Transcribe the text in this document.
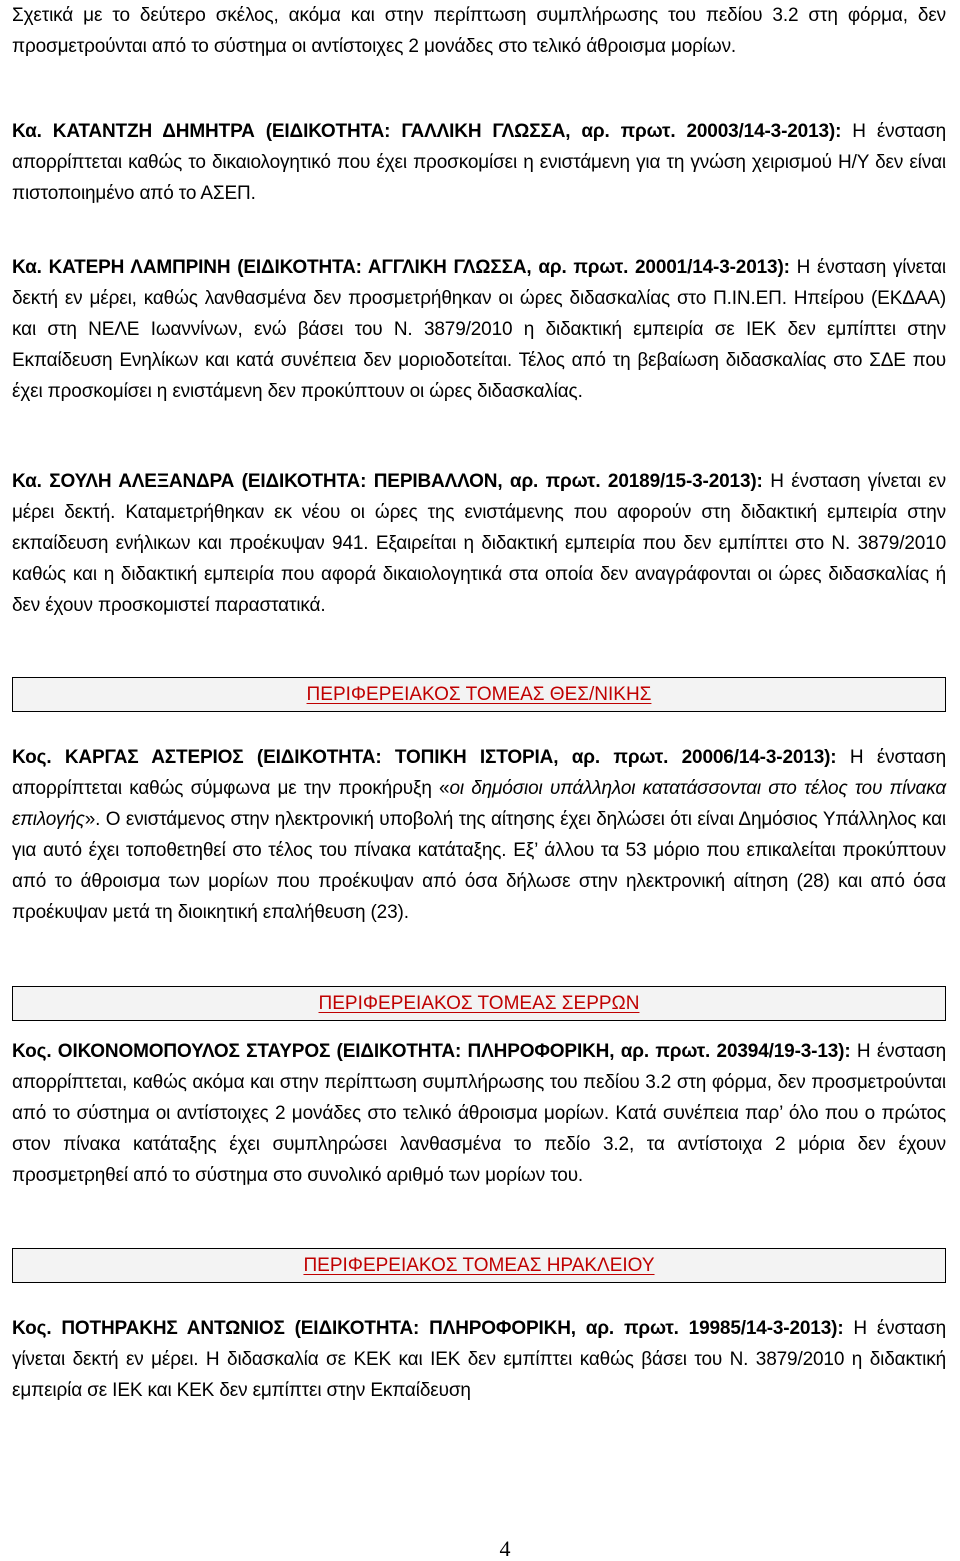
Σχετικά με το δεύτερο σκέλος, ακόμα και στην περίπτωση συμπλήρωσης του πεδίου 3.2 στη φόρμα, δεν προσμετρούνται από το σύστημα οι αντίστοιχες 2 μονάδες στο τελικό άθροισμα μορίων.

Κα. ΚΑΤΑΝΤΖΗ ΔΗΜΗΤΡΑ (ΕΙΔΙΚΟΤΗΤΑ: ΓΑΛΛΙΚΗ ΓΛΩΣΣΑ, αρ. πρωτ. 20003/14-3-2013): Η ένσταση απορρίπτεται καθώς το δικαιολογητικό που έχει προσκομίσει η ενιστάμενη για τη γνώση χειρισμού Η/Υ δεν είναι πιστοποιημένο από το ΑΣΕΠ.

Κα. ΚΑΤΕΡΗ ΛΑΜΠΡΙΝΗ (ΕΙΔΙΚΟΤΗΤΑ: ΑΓΓΛΙΚΗ ΓΛΩΣΣΑ, αρ. πρωτ. 20001/14-3-2013): Η ένσταση γίνεται δεκτή εν μέρει, καθώς λανθασμένα δεν προσμετρήθηκαν οι ώρες διδασκαλίας στο Π.ΙΝ.ΕΠ. Ηπείρου (ΕΚΔΑΑ) και στη ΝΕΛΕ Ιωαννίνων, ενώ βάσει του Ν. 3879/2010 η διδακτική εμπειρία σε ΙΕΚ δεν εμπίπτει στην Εκπαίδευση Ενηλίκων και κατά συνέπεια δεν μοριοδοτείται. Τέλος από τη βεβαίωση διδασκαλίας στο ΣΔΕ που έχει προσκομίσει η ενιστάμενη δεν προκύπτουν οι ώρες διδασκαλίας.

Κα. ΣΟΥΛΗ ΑΛΕΞΑΝΔΡΑ (ΕΙΔΙΚΟΤΗΤΑ: ΠΕΡΙΒΑΛΛΟΝ, αρ. πρωτ. 20189/15-3-2013): Η ένσταση γίνεται εν μέρει δεκτή. Καταμετρήθηκαν εκ νέου οι ώρες της ενιστάμενης που αφορούν στη διδακτική εμπειρία στην εκπαίδευση ενήλικων και προέκυψαν 941. Εξαιρείται η διδακτική εμπειρία που δεν εμπίπτει στο Ν. 3879/2010 καθώς και η διδακτική εμπειρία που αφορά δικαιολογητικά στα οποία δεν αναγράφονται οι ώρες διδασκαλίας ή δεν έχουν προσκομιστεί παραστατικά.

ΠΕΡΙΦΕΡΕΙΑΚΟΣ ΤΟΜΕΑΣ ΘΕΣ/ΝΙΚΗΣ

Κος. ΚΑΡΓΑΣ ΑΣΤΕΡΙΟΣ (ΕΙΔΙΚΟΤΗΤΑ: ΤΟΠΙΚΗ ΙΣΤΟΡΙΑ, αρ. πρωτ. 20006/14-3-2013): Η ένσταση απορρίπτεται καθώς σύμφωνα με την προκήρυξη «οι δημόσιοι υπάλληλοι κατατάσσονται στο τέλος του πίνακα επιλογής». Ο ενιστάμενος στην ηλεκτρονική υποβολή της αίτησης έχει δηλώσει ότι είναι Δημόσιος Υπάλληλος και για αυτό έχει τοποθετηθεί στο τέλος του πίνακα κατάταξης. Εξ’ άλλου τα 53 μόριο που επικαλείται προκύπτουν από το άθροισμα των μορίων που προέκυψαν από όσα δήλωσε στην ηλεκτρονική αίτηση (28) και από όσα προέκυψαν μετά τη διοικητική επαλήθευση (23).

ΠΕΡΙΦΕΡΕΙΑΚΟΣ ΤΟΜΕΑΣ ΣΕΡΡΩΝ

Κος. ΟΙΚΟΝΟΜΟΠΟΥΛΟΣ ΣΤΑΥΡΟΣ (ΕΙΔΙΚΟΤΗΤΑ: ΠΛΗΡΟΦΟΡΙΚΗ, αρ. πρωτ. 20394/19-3-13): Η ένσταση απορρίπτεται, καθώς ακόμα και στην περίπτωση συμπλήρωσης του πεδίου 3.2 στη φόρμα, δεν προσμετρούνται από το σύστημα οι αντίστοιχες 2 μονάδες στο τελικό άθροισμα μορίων. Κατά συνέπεια παρ’ όλο που ο πρώτος στον πίνακα κατάταξης έχει συμπληρώσει λανθασμένα το πεδίο 3.2, τα αντίστοιχα 2 μόρια δεν έχουν προσμετρηθεί από το σύστημα στο συνολικό αριθμό των μορίων του.

ΠΕΡΙΦΕΡΕΙΑΚΟΣ ΤΟΜΕΑΣ ΗΡΑΚΛΕΙΟΥ

Κος. ΠΟΤΗΡΑΚΗΣ ΑΝΤΩΝΙΟΣ (ΕΙΔΙΚΟΤΗΤΑ: ΠΛΗΡΟΦΟΡΙΚΗ, αρ. πρωτ. 19985/14-3-2013): Η ένσταση γίνεται δεκτή εν μέρει. Η διδασκαλία σε ΚΕΚ και ΙΕΚ δεν εμπίπτει καθώς βάσει του Ν. 3879/2010 η διδακτική εμπειρία σε ΙΕΚ και ΚΕΚ δεν εμπίπτει στην Εκπαίδευση

4
